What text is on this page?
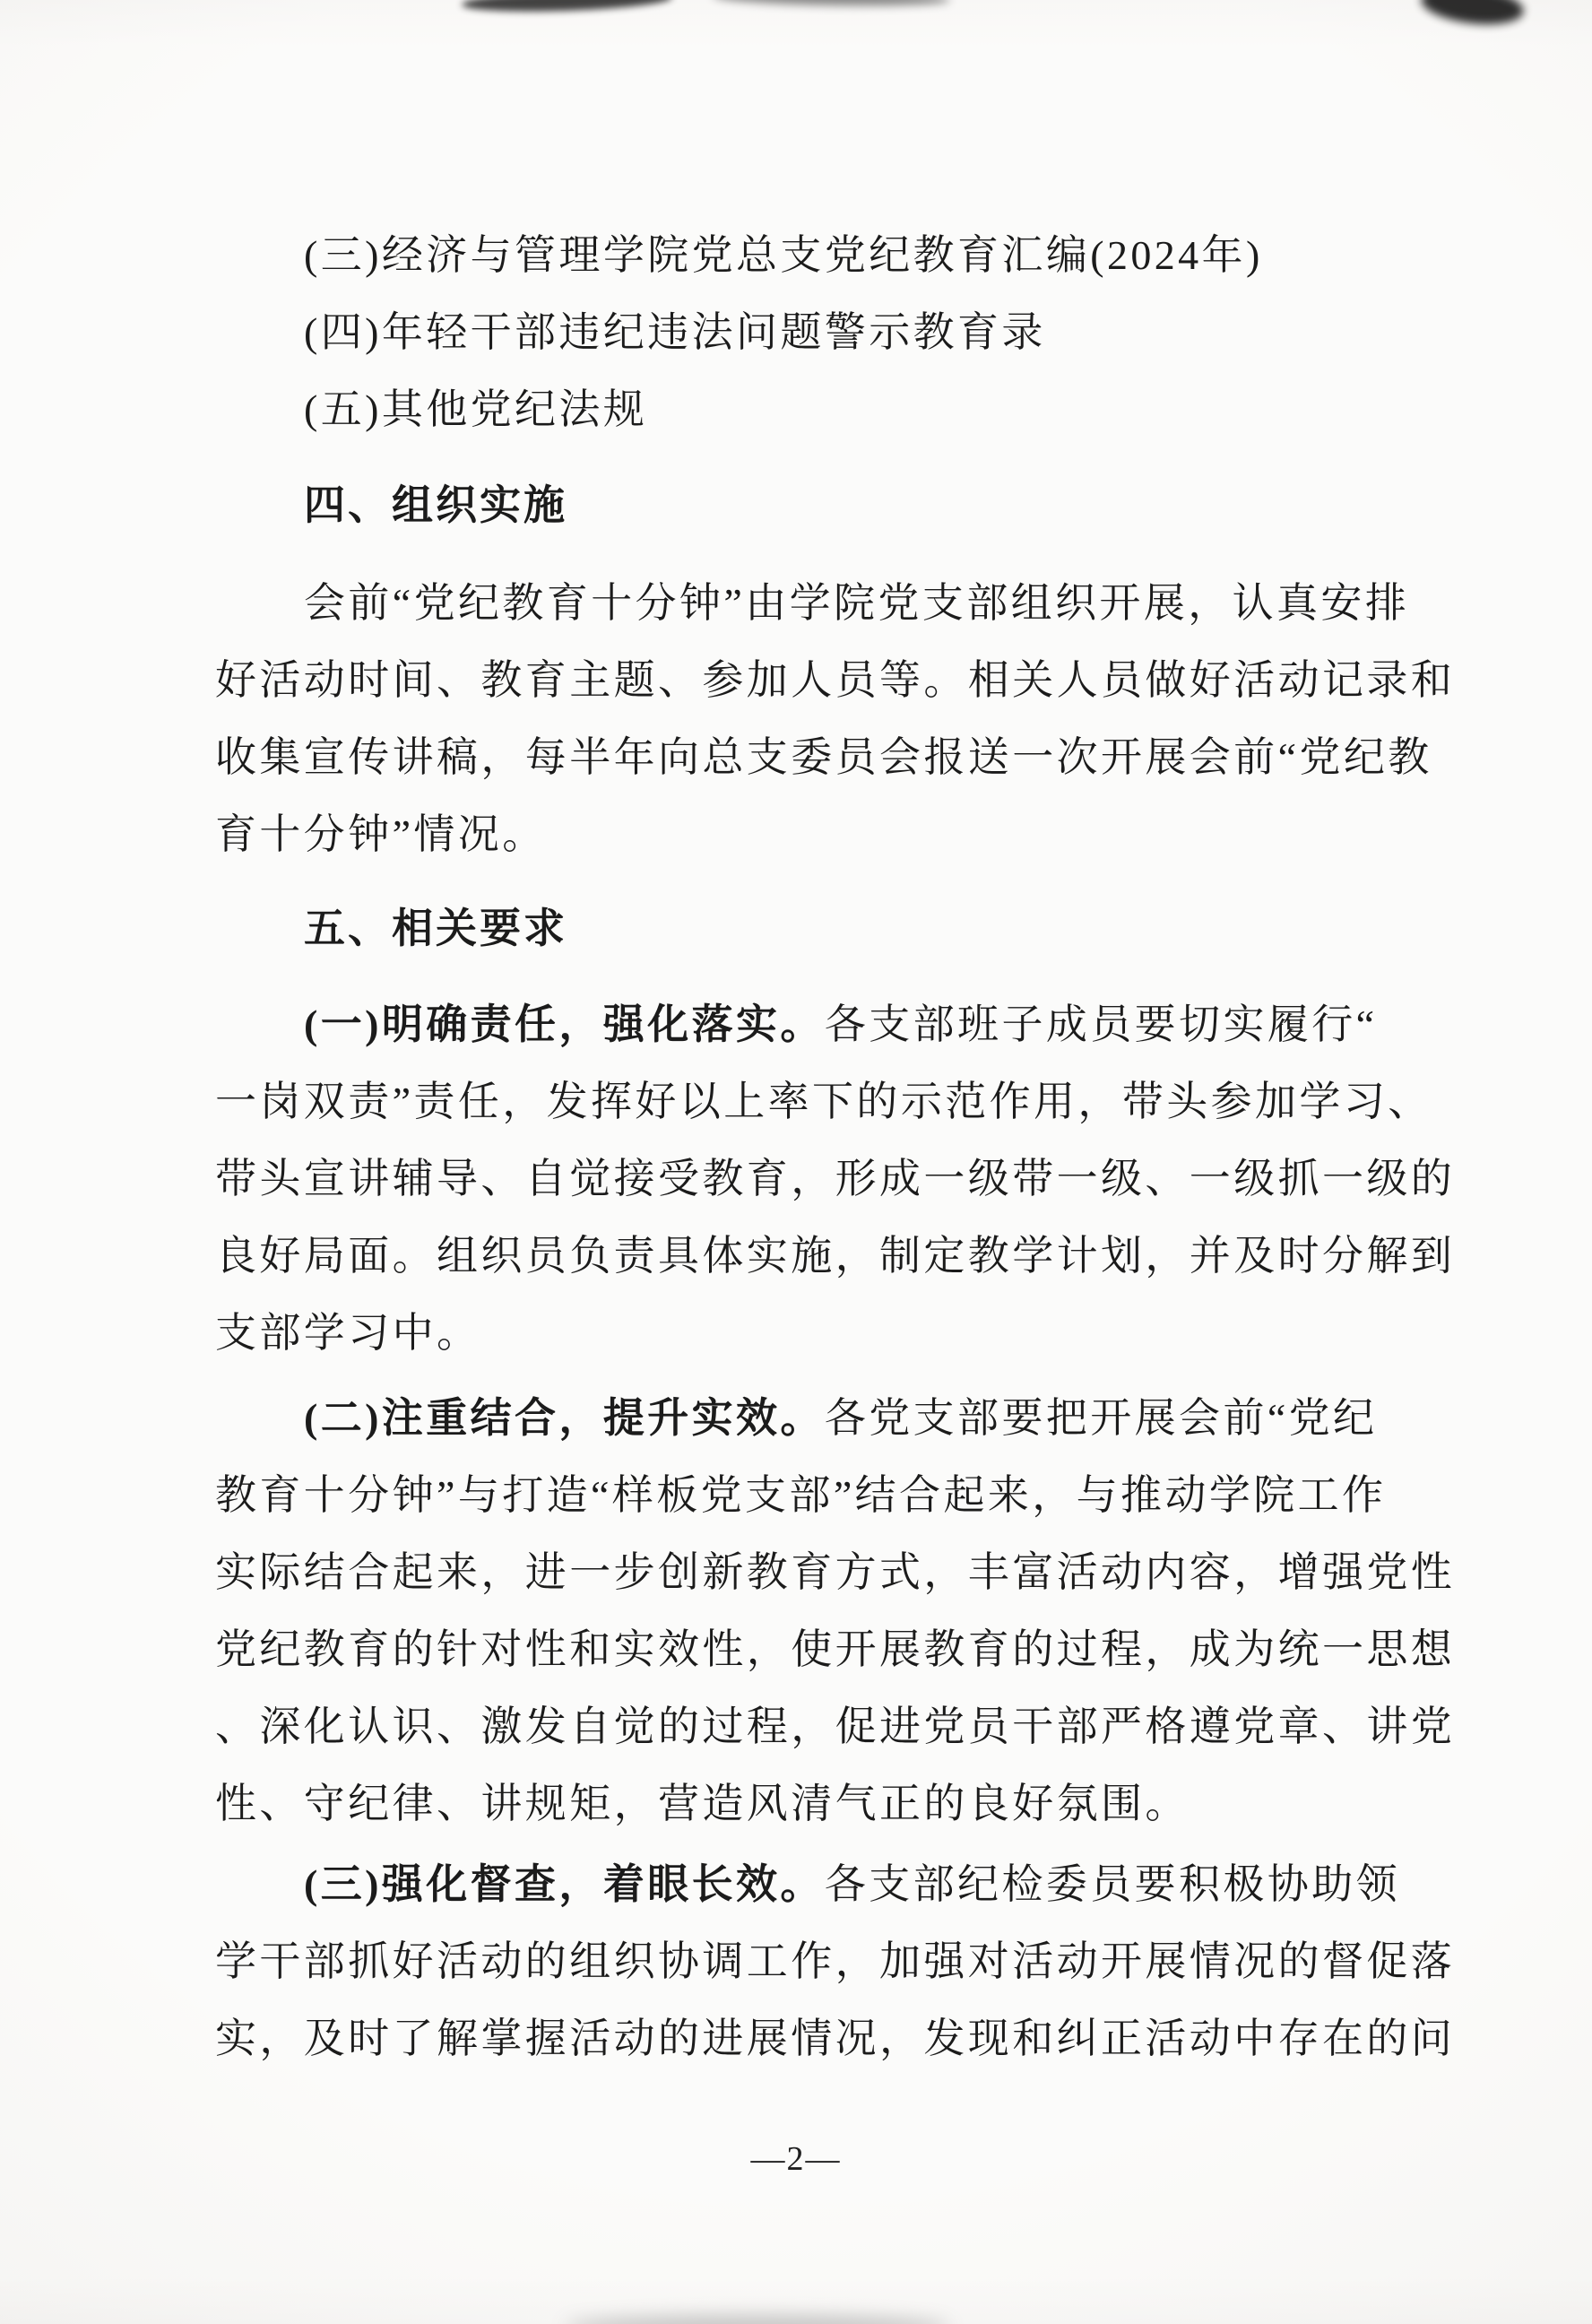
(三)经济与管理学院党总支党纪教育汇编(2024年)
(四)年轻干部违纪违法问题警示教育录
(五)其他党纪法规
四、组织实施
会前“党纪教育十分钟”由学院党支部组织开展，认真安排
好活动时间、教育主题、参加人员等。相关人员做好活动记录和
收集宣传讲稿，每半年向总支委员会报送一次开展会前“党纪教
育十分钟”情况。
五、相关要求
(一)明确责任，强化落实。各支部班子成员要切实履行“
一岗双责”责任，发挥好以上率下的示范作用，带头参加学习、
带头宣讲辅导、自觉接受教育，形成一级带一级、一级抓一级的
良好局面。组织员负责具体实施，制定教学计划，并及时分解到
支部学习中。
(二)注重结合，提升实效。各党支部要把开展会前“党纪
教育十分钟”与打造“样板党支部”结合起来，与推动学院工作
实际结合起来，进一步创新教育方式，丰富活动内容，增强党性
党纪教育的针对性和实效性，使开展教育的过程，成为统一思想
、深化认识、激发自觉的过程，促进党员干部严格遵党章、讲党
性、守纪律、讲规矩，营造风清气正的良好氛围。
(三)强化督查，着眼长效。各支部纪检委员要积极协助领
学干部抓好活动的组织协调工作，加强对活动开展情况的督促落
实，及时了解掌握活动的进展情况，发现和纠正活动中存在的问
—2—
